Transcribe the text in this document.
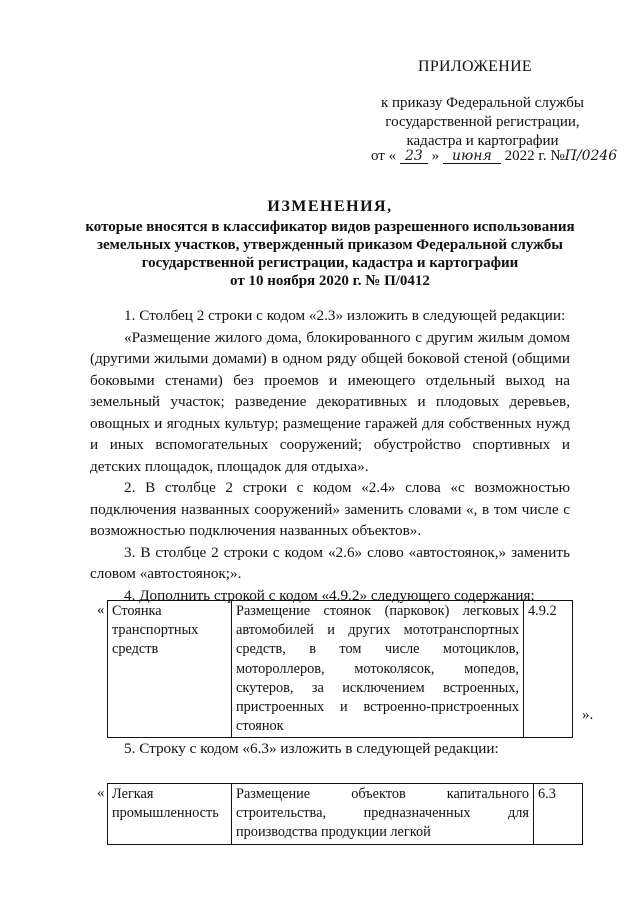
ПРИЛОЖЕНИЕ
к приказу Федеральной службы
государственной регистрации,
кадастра и картографии
от « 23 » июня 2022 г. №П/0246
ИЗМЕНЕНИЯ,
которые вносятся в классификатор видов разрешенного использования
земельных участков, утвержденный приказом Федеральной службы
государственной регистрации, кадастра и картографии
от 10 ноября 2020 г. № П/0412

1. Столбец 2 строки с кодом «2.3» изложить в следующей редакции:

«Размещение жилого дома, блокированного с другим жилым домом (другими жилыми домами) в одном ряду общей боковой стеной (общими боковыми стенами) без проемов и имеющего отдельный выход на земельный участок; разведение декоративных и плодовых деревьев, овощных и ягодных культур; размещение гаражей для собственных нужд и иных вспомогательных сооружений; обустройство спортивных и детских площадок, площадок для отдыха».

2. В столбце 2 строки с кодом «2.4» слова «с возможностью подключения названных сооружений» заменить словами «, в том числе с возможностью подключения названных объектов».

3. В столбце 2 строки с кодом «2.6» слово «автостоянок,» заменить словом «автостоянок;».

4. Дополнить строкой с кодом «4.9.2» следующего содержания:

« Стоянка транспортных средств	Размещение стоянок (парковок) легковых автомобилей и других мототранспортных средств, в том числе мотоциклов, мотороллеров, мотоколясок, мопедов, скутеров, за исключением встроенных, пристроенных и встроенно-пристроенных стоянок	4.9.2
».

5. Строку с кодом «6.3» изложить в следующей редакции:

« Легкая промышленность	Размещение объектов капитального строительства, предназначенных для производства продукции легкой	6.3
